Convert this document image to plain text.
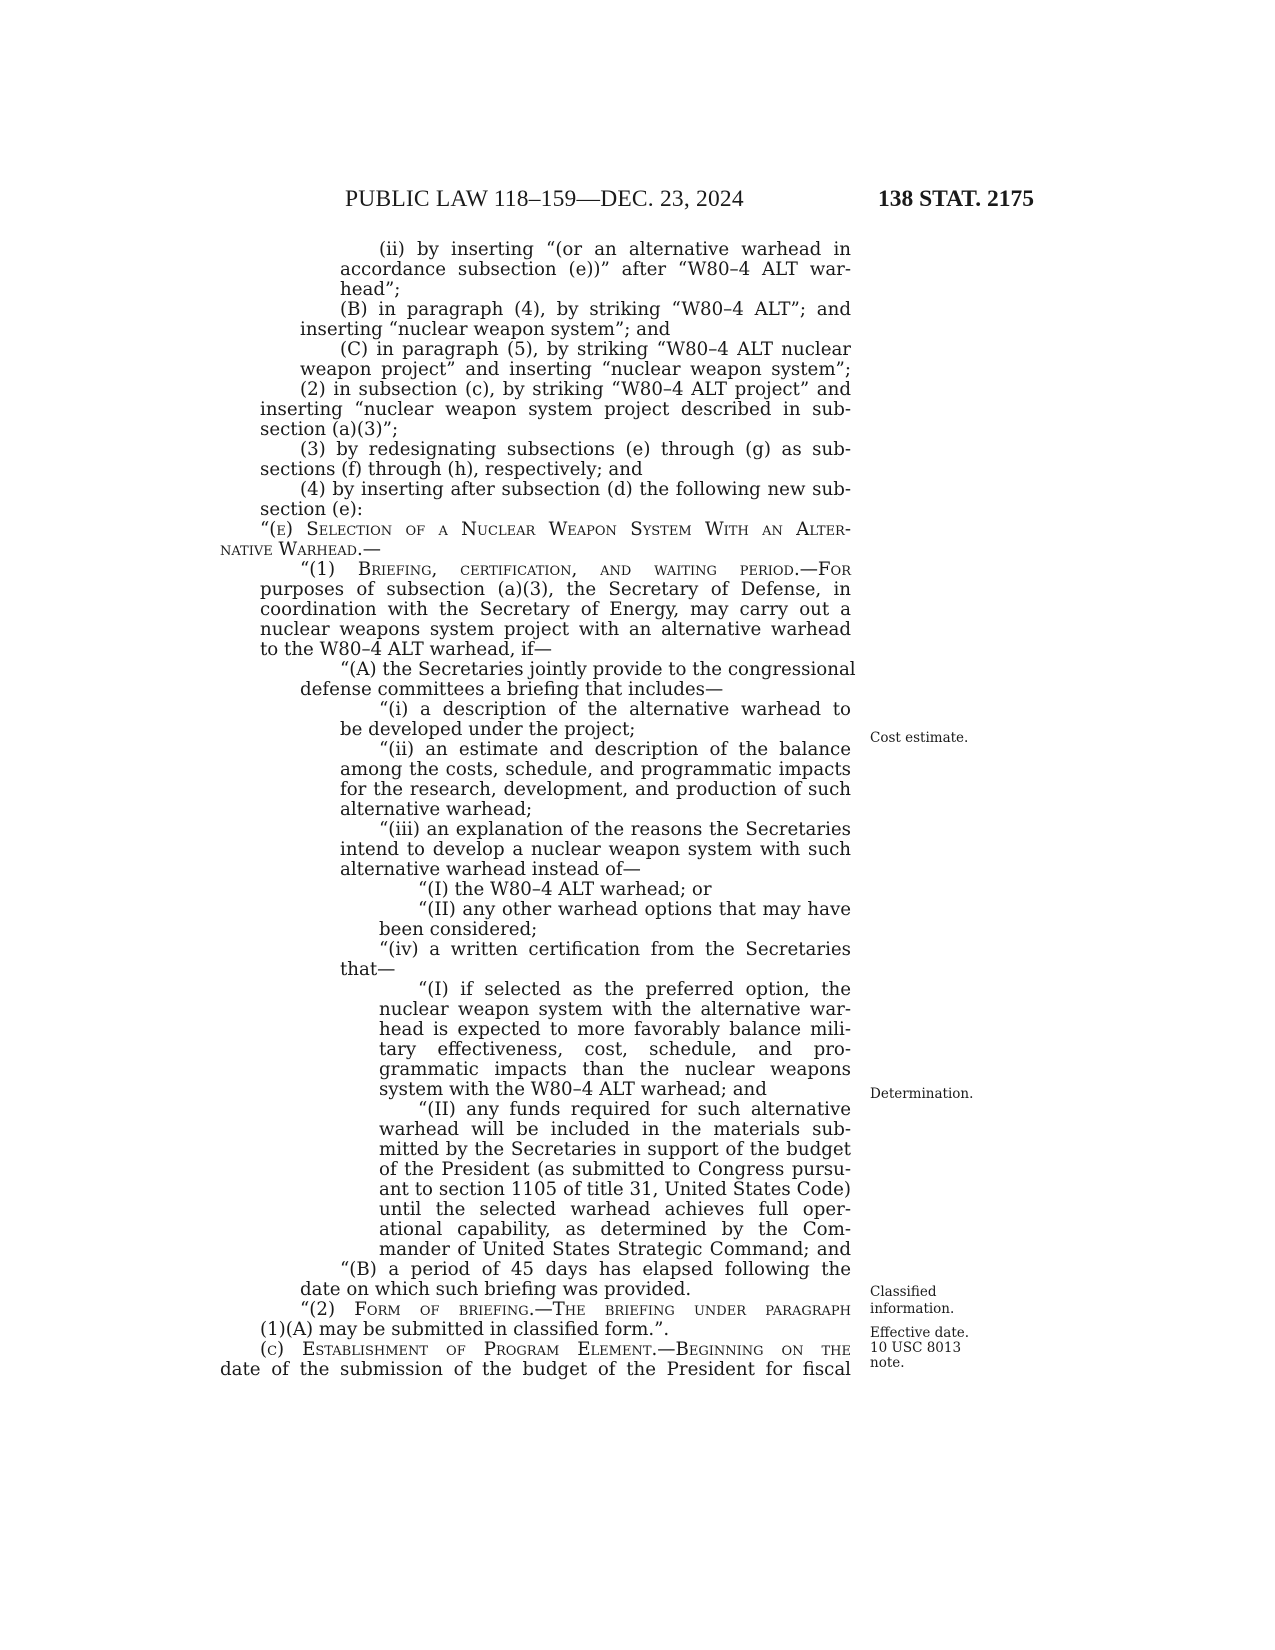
PUBLIC LAW 118–159—DEC. 23, 2024	138 STAT. 2175
(ii) by inserting “(or an alternative warhead in
accordance subsection (e))” after “W80–4 ALT war-
head”;
(B) in paragraph (4), by striking “W80–4 ALT”; and
inserting “nuclear weapon system”; and
(C) in paragraph (5), by striking “W80–4 ALT nuclear
weapon project” and inserting “nuclear weapon system”;
(2) in subsection (c), by striking “W80–4 ALT project” and
inserting “nuclear weapon system project described in sub-
section (a)(3)”;
(3) by redesignating subsections (e) through (g) as sub-
sections (f) through (h), respectively; and
(4) by inserting after subsection (d) the following new sub-
section (e):
“(e) Selection of a Nuclear Weapon System With an Alter-
native Warhead.—
“(1) Briefing, certification, and waiting period.—For
purposes of subsection (a)(3), the Secretary of Defense, in
coordination with the Secretary of Energy, may carry out a
nuclear weapons system project with an alternative warhead
to the W80–4 ALT warhead, if—
“(A) the Secretaries jointly provide to the congressional
defense committees a briefing that includes—
“(i) a description of the alternative warhead to
be developed under the project;
“(ii) an estimate and description of the balance
among the costs, schedule, and programmatic impacts
for the research, development, and production of such
alternative warhead;
“(iii) an explanation of the reasons the Secretaries
intend to develop a nuclear weapon system with such
alternative warhead instead of—
“(I) the W80–4 ALT warhead; or
“(II) any other warhead options that may have
been considered;
“(iv) a written certification from the Secretaries
that—
“(I) if selected as the preferred option, the
nuclear weapon system with the alternative war-
head is expected to more favorably balance mili-
tary effectiveness, cost, schedule, and pro-
grammatic impacts than the nuclear weapons
system with the W80–4 ALT warhead; and
“(II) any funds required for such alternative
warhead will be included in the materials sub-
mitted by the Secretaries in support of the budget
of the President (as submitted to Congress pursu-
ant to section 1105 of title 31, United States Code)
until the selected warhead achieves full oper-
ational capability, as determined by the Com-
mander of United States Strategic Command; and
“(B) a period of 45 days has elapsed following the
date on which such briefing was provided.
“(2) Form of briefing.—The briefing under paragraph
(1)(A) may be submitted in classified form.”.
(c) Establishment of Program Element.—Beginning on the
date of the submission of the budget of the President for fiscal
Cost estimate.
Determination.
Classified
information.
Effective date.
10 USC 8013
note.
